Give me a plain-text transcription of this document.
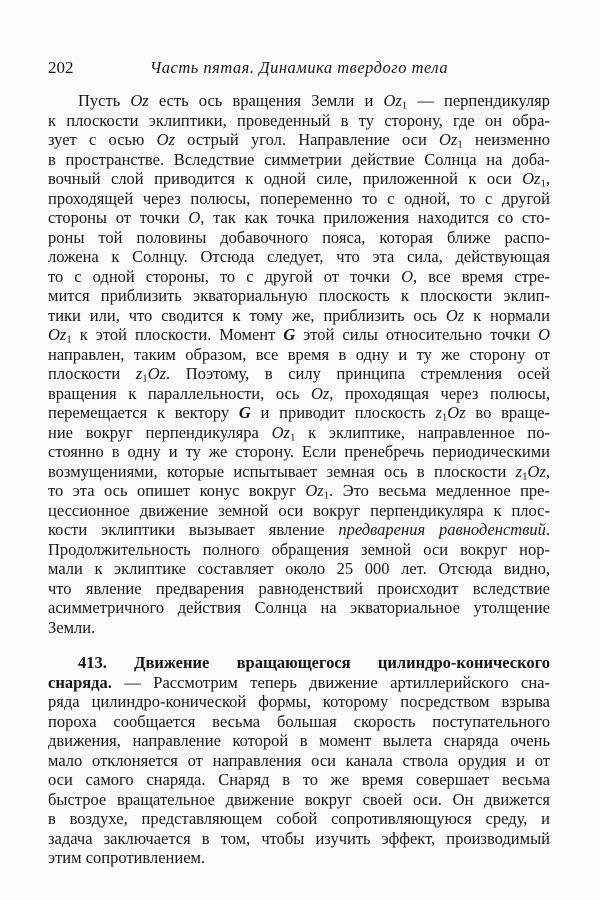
202	Часть пятая. Динамика твердого тела
Пусть Oz есть ось вращения Земли и $Oz_1$ — перпендикуляр
к плоскости эклиптики, проведенный в ту сторону, где он обра-
зует с осью Oz острый угол. Направление оси $Oz_1$ неизменно
в пространстве. Вследствие симметрии действие Солнца на доба-
вочный слой приводится к одной силе, приложенной к оси $Oz_1$,
проходящей через полюсы, попеременно то с одной, то с другой
стороны от точки O, так как точка приложения находится со сто-
роны той половины добавочного пояса, которая ближе распо-
ложена к Солнцу. Отсюда следует, что эта сила, действующая
то с одной стороны, то с другой от точки O, все время стре-
мится приблизить экваториальную плоскость к плоскости эклип-
тики или, что сводится к тому же, приблизить ось Oz к нормали
$Oz_1$ к этой плоскости. Момент G этой силы относительно точки O
направлен, таким образом, все время в одну и ту же сторону от
плоскости $z_1Oz$. Поэтому, в силу принципа стремления осей
вращения к параллельности, ось Oz, проходящая через полюсы,
перемещается к вектору G и приводит плоскость $z_1Oz$ во враще-
ние вокруг перпендикуляра $Oz_1$ к эклиптике, направленное по-
стоянно в одну и ту же сторону. Если пренебречь периодическими
возмущениями, которые испытывает земная ось в плоскости $z_1Oz$,
то эта ось опишет конус вокруг $Oz_1$. Это весьма медленное пре-
цессионное движение земной оси вокруг перпендикуляра к плос-
кости эклиптики вызывает явление предварения равноденствий.
Продолжительность полного обращения земной оси вокруг нор-
мали к эклиптике составляет около 25 000 лет. Отсюда видно,
что явление предварения равноденствий происходит вследствие
асимметричного действия Солнца на экваториальное утолщение
Земли.
413. Движение вращающегося цилиндро-конического
снаряда. — Рассмотрим теперь движение артиллерийского сна-
ряда цилиндро-конической формы, которому посредством взрыва
пороха сообщается весьма большая скорость поступательного
движения, направление которой в момент вылета снаряда очень
мало отклоняется от направления оси канала ствола орудия и от
оси самого снаряда. Снаряд в то же время совершает весьма
быстрое вращательное движение вокруг своей оси. Он движется
в воздухе, представляющем собой сопротивляющуюся среду, и
задача заключается в том, чтобы изучить эффект, производимый
этим сопротивлением.
